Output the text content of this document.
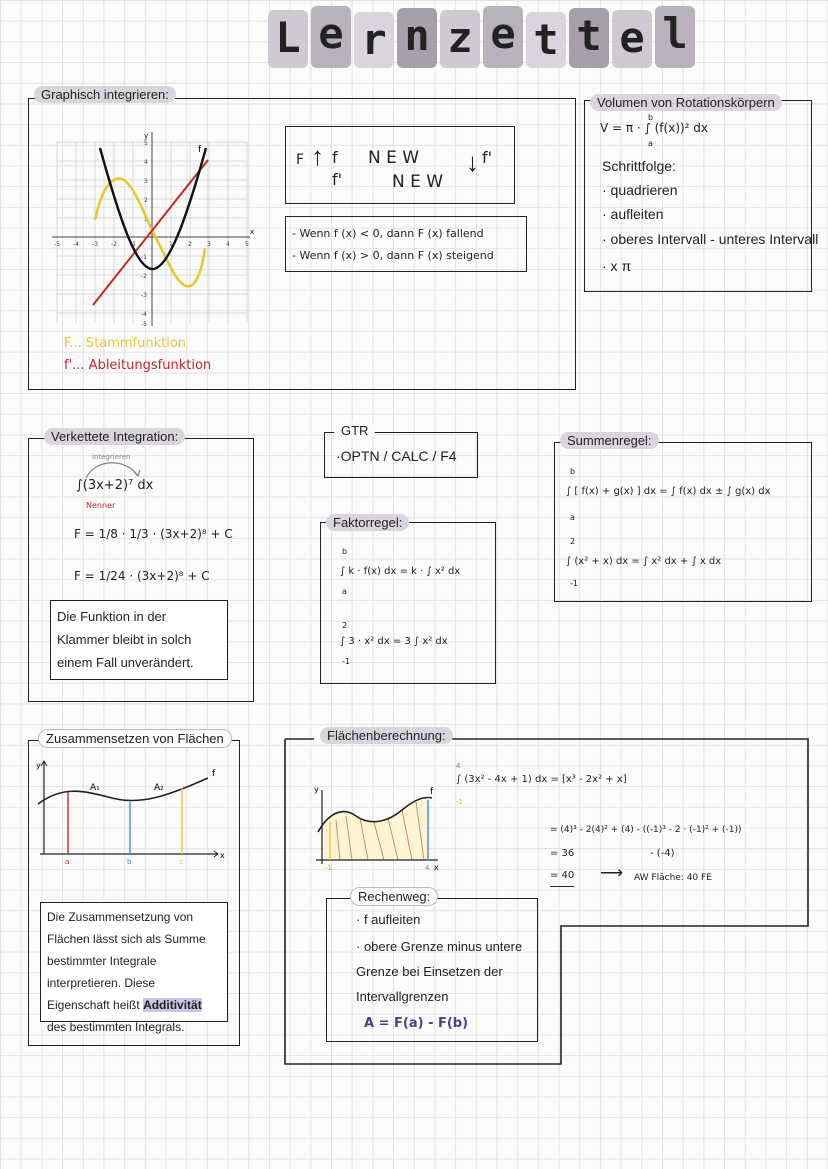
L e r n z e t t e l
Graphisch integrieren:
x
y
-5 -4 -3 -2 -1	1	2	3	4	5
5
4
3
2
1
-1
-2
-3
-4
-5
f
F... Stammfunktion
f'... Ableitungsfunktion
F ↑ f
f'
N E W
N E W
↓ f'
- Wenn f (x) < 0, dann F (x) fallend
- Wenn f (x) > 0, dann F (x) steigend
Volumen von Rotationskörpern
V = π · ∫ (f(x))² dx
b
a
Schrittfolge:
· quadrieren
· aufleiten
· oberes Intervall - unteres Intervall
· x π
Verkettete Integration:
integrieren
∫(3x+2)⁷ dx
Nenner
F = 1/8 · 1/3 · (3x+2)⁸ + C
F = 1/24 · (3x+2)⁸ + C
Die Funktion in der Klammer bleibt in solch einem Fall unverändert.
GTR
·OPTN / CALC / F4
Faktorregel:
b
a
∫ k · f(x) dx = k · ∫ x² dx
2
-1
∫ 3 · x² dx = 3 ∫ x² dx
Summenregel:
b
a
∫ [ f(x) + g(x) ] dx = ∫ f(x) dx ± ∫ g(x) dx
2
-1
∫ (x² + x) dx = ∫ x² dx + ∫ x dx
Zusammensetzen von Flächen
y
x
f
A₁	A₂
a	b	c
Die Zusammensetzung von Flächen lässt sich als Summe bestimmter Integrale interpretieren. Diese Eigenschaft heißt Additivität des bestimmten Integrals.
Flächenberechnung:
y
x
f
-1	4
∫ (3x² - 4x + 1) dx = [x³ - 2x² + x]
4
-1
= (4)³ - 2(4)² + (4) - ((-1)³ - 2 · (-1)² + (-1))
= 36	- (-4)
= 40 ⟶ AW Fläche: 40 FE
Rechenweg:
· f aufleiten
· obere Grenze minus untere Grenze bei Einsetzen der Intervallgrenzen
A = F(a) - F(b)
